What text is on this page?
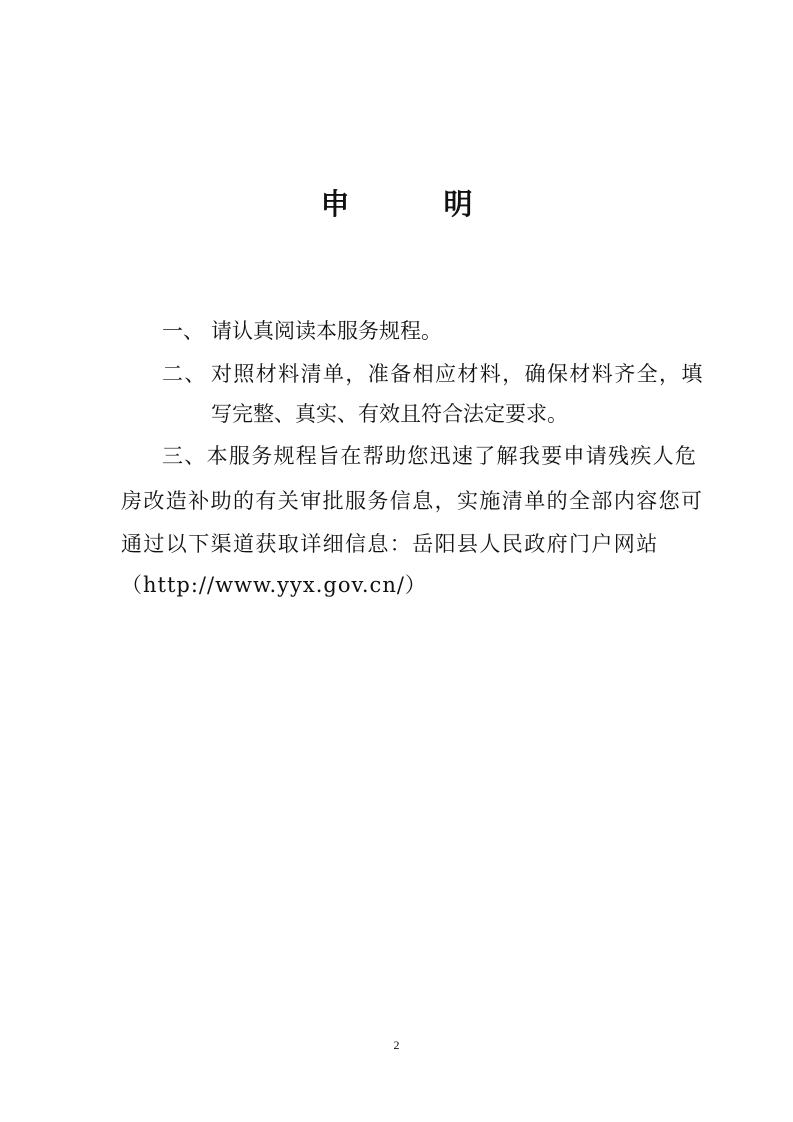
申 明
一、 请认真阅读本服务规程。
二、 对照材料清单，准备相应材料，确保材料齐全，填
写完整、真实、有效且符合法定要求。
三、本服务规程旨在帮助您迅速了解我要申请残疾人危
房改造补助的有关审批服务信息，实施清单的全部内容您可
通过以下渠道获取详细信息：岳阳县人民政府门户网站
（http://www.yyx.gov.cn/）
2
